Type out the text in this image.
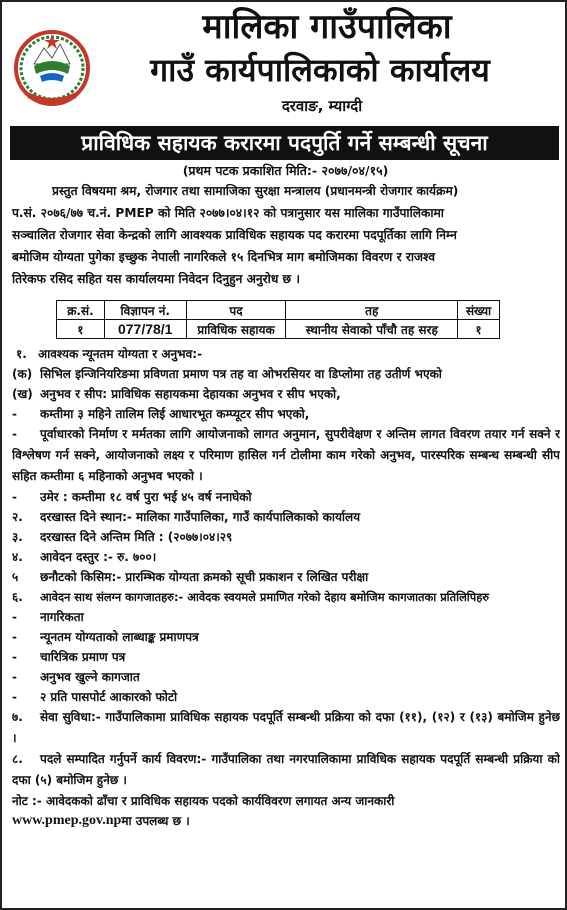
मालिका गाउँपालिका
गाउँ कार्यपालिकाको कार्यालय
दरवाङ, म्याग्दी
प्राविधिक सहायक करारमा पदपुर्ति गर्ने सम्बन्धी सूचना
(प्रथम पटक प्रकाशित मिति:- २०७७/०४/१५)
प्रस्तुत विषयमा श्रम, रोजगार तथा सामाजिका सुरक्षा मन्त्रालय (प्रधानमन्त्री रोजगार कार्यक्रम)
प.सं. २०७६/७७ च.नं. PMEP को मिति २०७७।०४।१२ को पत्रानुसार यस मालिका गाउँपालिकामा
सञ्चालित रोजगार सेवा केन्द्रको लागि आवश्यक प्राविधिक सहायक पद करारमा पदपूर्तिका लागि निम्न
बमोजिम योग्यता पुगेका इच्छुक नेपाली नागरिकले १५ दिनभित्र माग बमोजिमका विवरण र राजश्व
तिरेकफ रसिद सहित यस कार्यालयमा निवेदन दिनुहुन अनुरोध छ ।
क्र.सं.	विज्ञापन नं.	पद	तह	संख्या
१	077/78/1	प्राविधिक सहायक	स्थानीय सेवाको पाँचौ तह सरह	१
१. आवश्यक न्यूनतम योग्यता र अनुभव:-
(क) सिभिल इन्जिनियरिङमा प्रविणता प्रमाण पत्र तह वा ओभरसियर वा डिप्लोमा तह उतीर्ण भएको
(ख) अनुभव र सीप: प्राविधिक सहायकमा देहायका अनुभव र सीप भएको,
-	कम्तीमा ३ महिने तालिम लिई आधारभूत कम्प्यूटर सीप भएको,
-	पूर्वाधारको निर्माण र मर्मतका लागि आयोजनाको लागत अनुमान, सुपरीवेक्षण र अन्तिम लागत विवरण तयार गर्न सक्ने र विश्लेषण गर्न सक्ने, आयोजनाको लक्ष्य र परिमाण हासिल गर्न टोलीमा काम गरेको अनुभव, पारस्परिक सम्बन्ध सम्बन्धी सीप सहित कम्तीमा ६ महिनाको अनुभव भएको ।
-	उमेर : कम्तीमा १८ वर्ष पुरा भई ४५ वर्ष ननाघेको
२.	दरखास्त दिने स्थान:- मालिका गाउँपालिका, गाउँ कार्यपालिकाको कार्यालय
३.	दरखास्त दिने अन्तिम मिति : (२०७७।०४।२९
४.	आवेदन दस्तुर :- रु. ७००।
५	छनौटको किसिम:- प्रारम्भिक योग्यता क्रमको सूची प्रकाशन र लिखित परीक्षा
६.	आवेदन साथ संलग्न कागजातहरु:- आवेदक स्वयमले प्रमाणित गरेको देहाय बमोजिम कागजातका प्रतिलिपिहरु
-	नागरिकता
-	न्यूनतम योग्यताको लाब्धाङ्क प्रमाणपत्र
-	चारित्रिक प्रमाण पत्र
-	अनुभव खुल्ने कागजात
-	२ प्रति पासपोर्ट आकारको फोटो
७.	सेवा सुविधा:- गाउँपालिकामा प्राविधिक सहायक पदपूर्ति सम्बन्धी प्रक्रिया को दफा (११), (१२) र (१३) बमोजिम हुनेछ ।
८.	पदले सम्पादित गर्नुपर्ने कार्य विवरण:- गाउँपालिका तथा नगरपालिकामा प्राविधिक सहायक पदपूर्ति सम्बन्धी प्रक्रिया को दफा (५) बमोजिम हुनेछ ।
नोट :- आवेदकको ढाँचा र प्राविधिक सहायक पदको कार्यविवरण लगायत अन्य जानकारी
www.pmep.gov.np मा उपलब्ध छ ।
